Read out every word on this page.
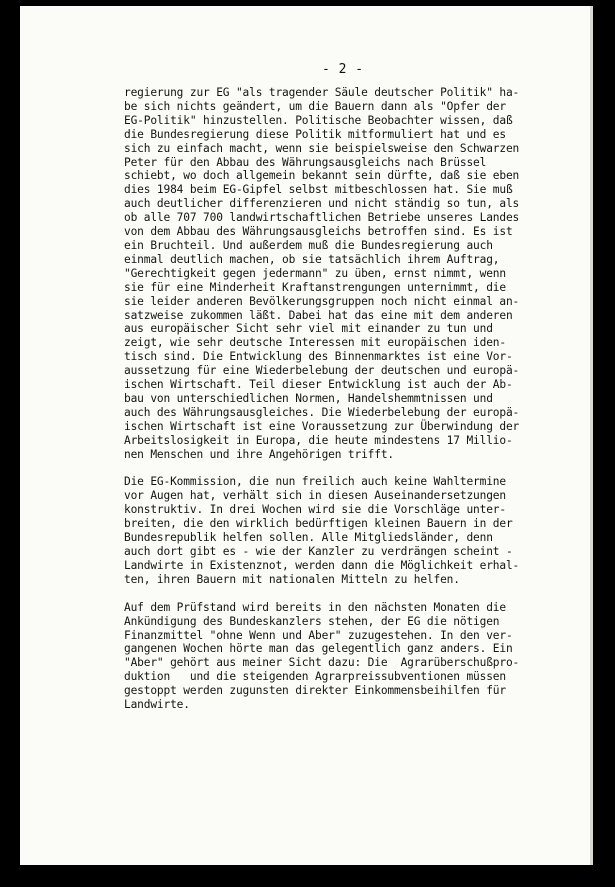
- 2 -
regierung zur EG "als tragender Säule deutscher Politik" ha-
be sich nichts geändert, um die Bauern dann als "Opfer der
EG-Politik" hinzustellen. Politische Beobachter wissen, daß
die Bundesregierung diese Politik mitformuliert hat und es
sich zu einfach macht, wenn sie beispielsweise den Schwarzen
Peter für den Abbau des Währungsausgleichs nach Brüssel
schiebt, wo doch allgemein bekannt sein dürfte, daß sie eben
dies 1984 beim EG-Gipfel selbst mitbeschlossen hat. Sie muß
auch deutlicher differenzieren und nicht ständig so tun, als
ob alle 707 700 landwirtschaftlichen Betriebe unseres Landes
von dem Abbau des Währungsausgleichs betroffen sind. Es ist
ein Bruchteil. Und außerdem muß die Bundesregierung auch
einmal deutlich machen, ob sie tatsächlich ihrem Auftrag,
"Gerechtigkeit gegen jedermann" zu üben, ernst nimmt, wenn
sie für eine Minderheit Kraftanstrengungen unternimmt, die
sie leider anderen Bevölkerungsgruppen noch nicht einmal an-
satzweise zukommen läßt. Dabei hat das eine mit dem anderen
aus europäischer Sicht sehr viel mit einander zu tun und
zeigt, wie sehr deutsche Interessen mit europäischen iden-
tisch sind. Die Entwicklung des Binnenmarktes ist eine Vor-
aussetzung für eine Wiederbelebung der deutschen und europä-
ischen Wirtschaft. Teil dieser Entwicklung ist auch der Ab-
bau von unterschiedlichen Normen, Handelshemmtnissen und
auch des Währungsausgleiches. Die Wiederbelebung der europä-
ischen Wirtschaft ist eine Voraussetzung zur Überwindung der
Arbeitslosigkeit in Europa, die heute mindestens 17 Millio-
nen Menschen und ihre Angehörigen trifft.
Die EG-Kommission, die nun freilich auch keine Wahltermine
vor Augen hat, verhält sich in diesen Auseinandersetzungen
konstruktiv. In drei Wochen wird sie die Vorschläge unter-
breiten, die den wirklich bedürftigen kleinen Bauern in der
Bundesrepublik helfen sollen. Alle Mitgliedsländer, denn
auch dort gibt es - wie der Kanzler zu verdrängen scheint -
Landwirte in Existenznot, werden dann die Möglichkeit erhal-
ten, ihren Bauern mit nationalen Mitteln zu helfen.
Auf dem Prüfstand wird bereits in den nächsten Monaten die
Ankündigung des Bundeskanzlers stehen, der EG die nötigen
Finanzmittel "ohne Wenn und Aber" zuzugestehen. In den ver-
gangenen Wochen hörte man das gelegentlich ganz anders. Ein
"Aber" gehört aus meiner Sicht dazu: Die  Agrarüberschußpro-
duktion   und die steigenden Agrarpreissubventionen müssen
gestoppt werden zugunsten direkter Einkommensbeihilfen für
Landwirte.
